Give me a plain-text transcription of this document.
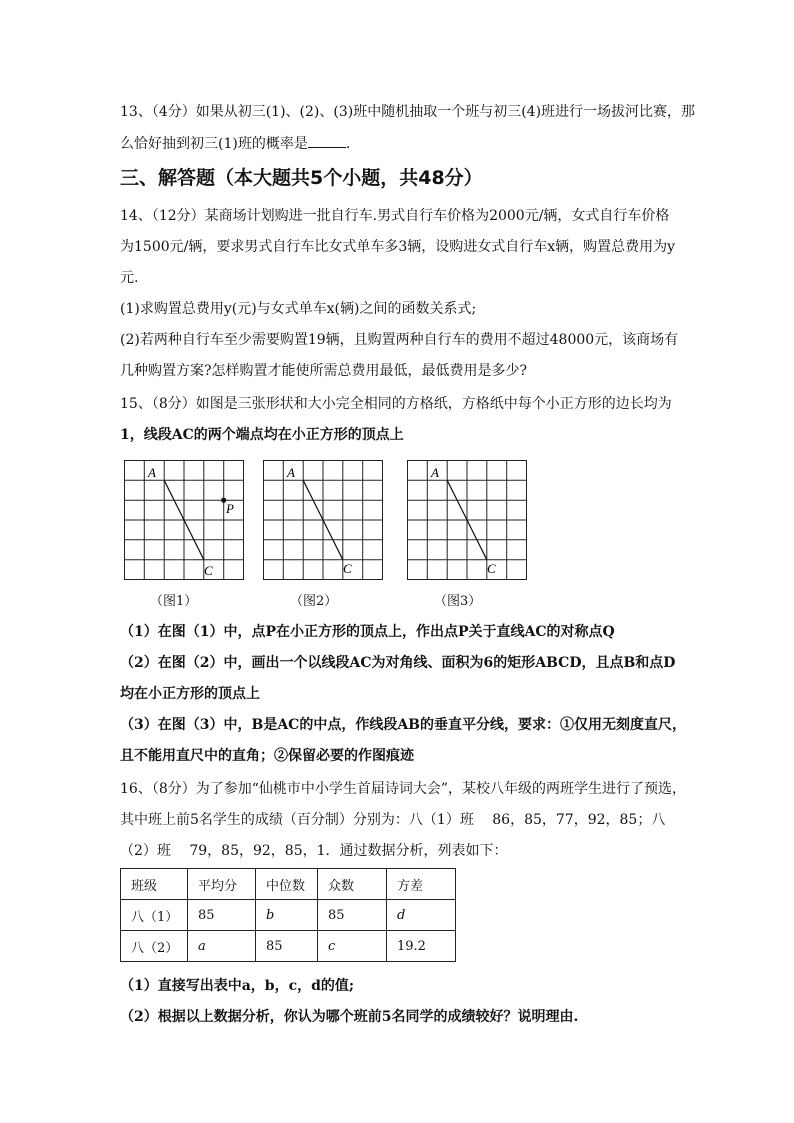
13、（4分）如果从初三(1)、(2)、(3)班中随机抽取一个班与初三(4)班进行一场拔河比赛，那
么恰好抽到初三(1)班的概率是	.
三、解答题（本大题共5个小题，共48分）
14、（12分）某商场计划购进一批自行车.男式自行车价格为2000元/辆，女式自行车价格
为1500元/辆，要求男式自行车比女式单车多3辆，设购进女式自行车x辆，购置总费用为y
元.
(1)求购置总费用y(元)与女式单车x(辆)之间的函数关系式;
(2)若两种自行车至少需要购置19辆，且购置两种自行车的费用不超过48000元，该商场有
几种购置方案?怎样购置才能使所需总费用最低，最低费用是多少?
15、（8分）如图是三张形状和大小完全相同的方格纸，方格纸中每个小正方形的边长均为
1，线段AC的两个端点均在小正方形的顶点上
A
C
P
A
C
A
C
（图1）	（图2）	（图3）
（1）在图（1）中，点P在小正方形的顶点上，作出点P关于直线AC的对称点Q
（2）在图（2）中，画出一个以线段AC为对角线、面积为6的矩形ABCD，且点B和点D
均在小正方形的顶点上
（3）在图（3）中，B是AC的中点，作线段AB的垂直平分线，要求：①仅用无刻度直尺，
且不能用直尺中的直角；②保留必要的作图痕迹
16、（8分）为了参加“仙桃市中小学生首届诗词大会”，某校八年级的两班学生进行了预选，
其中班上前5名学生的成绩（百分制）分别为：八（1）班　 86，85，77，92，85；八
（2）班　 79，85，92，85，1．通过数据分析，列表如下：
班级	平均分	中位数	众数	方差
八（1）	85	b	85	d
八（2）	a	85	c	19.2
（1）直接写出表中a，b，c，d的值;
（2）根据以上数据分析，你认为哪个班前5名同学的成绩较好？说明理由.
